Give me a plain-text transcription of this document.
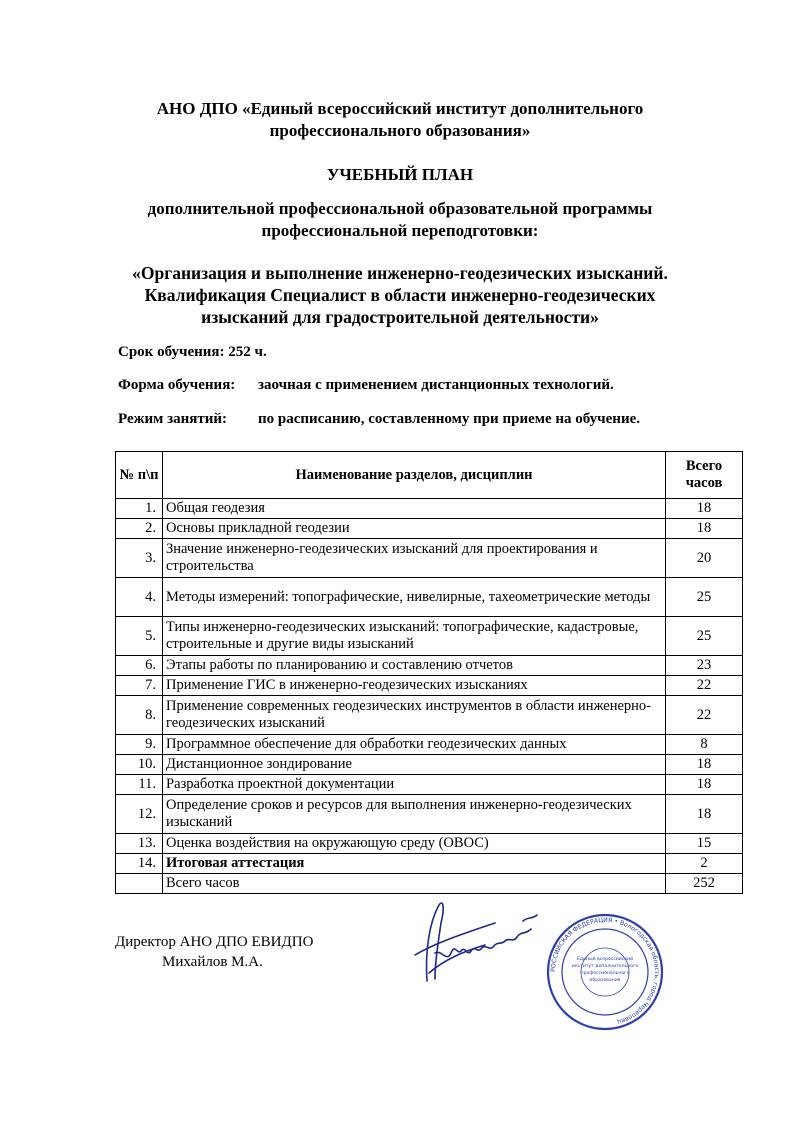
АНО ДПО «Единый всероссийский институт дополнительного
профессионального образования»
УЧЕБНЫЙ ПЛАН
дополнительной профессиональной образовательной программы
профессиональной переподготовки:
«Организация и выполнение инженерно-геодезических изысканий.
Квалификация Специалист в области инженерно-геодезических
изысканий для градостроительной деятельности»
Срок обучения: 252 ч.
Форма обучения: заочная с применением дистанционных технологий.
Режим занятий: по расписанию, составленному при приеме на обучение.
№ п\п	Наименование разделов, дисциплин	Всего
часов

1.	Общая геодезия	18
2.	Основы прикладной геодезии	18
3.	Значение инженерно-геодезических изысканий для проектирования и строительства	20
4.	Методы измерений: топографические, нивелирные, тахеометрические методы	25
5.	Типы инженерно-геодезических изысканий: топографические, кадастровые, строительные и другие виды изысканий	25
6.	Этапы работы по планированию и составлению отчетов	23
7.	Применение ГИС в инженерно-геодезических изысканиях	22
8.	Применение современных геодезических инструментов в области инженерно-геодезических изысканий	22
9.	Программное обеспечение для обработки геодезических данных	8
10.	Дистанционное зондирование	18
11.	Разработка проектной документации	18
12.	Определение сроков и ресурсов для выполнения инженерно-геодезических изысканий	18
13.	Оценка воздействия на окружающую среду (ОВОС)	15
14.	Итоговая аттестация	2
	Всего часов	252
Директор АНО ДПО ЕВИДПО
Михайлов М.А.
РОССИЙСКАЯ ФЕДЕРАЦИЯ • Вологодская область, город Череповец
Единый всероссийский
институт дополнительного
профессионального
образования
